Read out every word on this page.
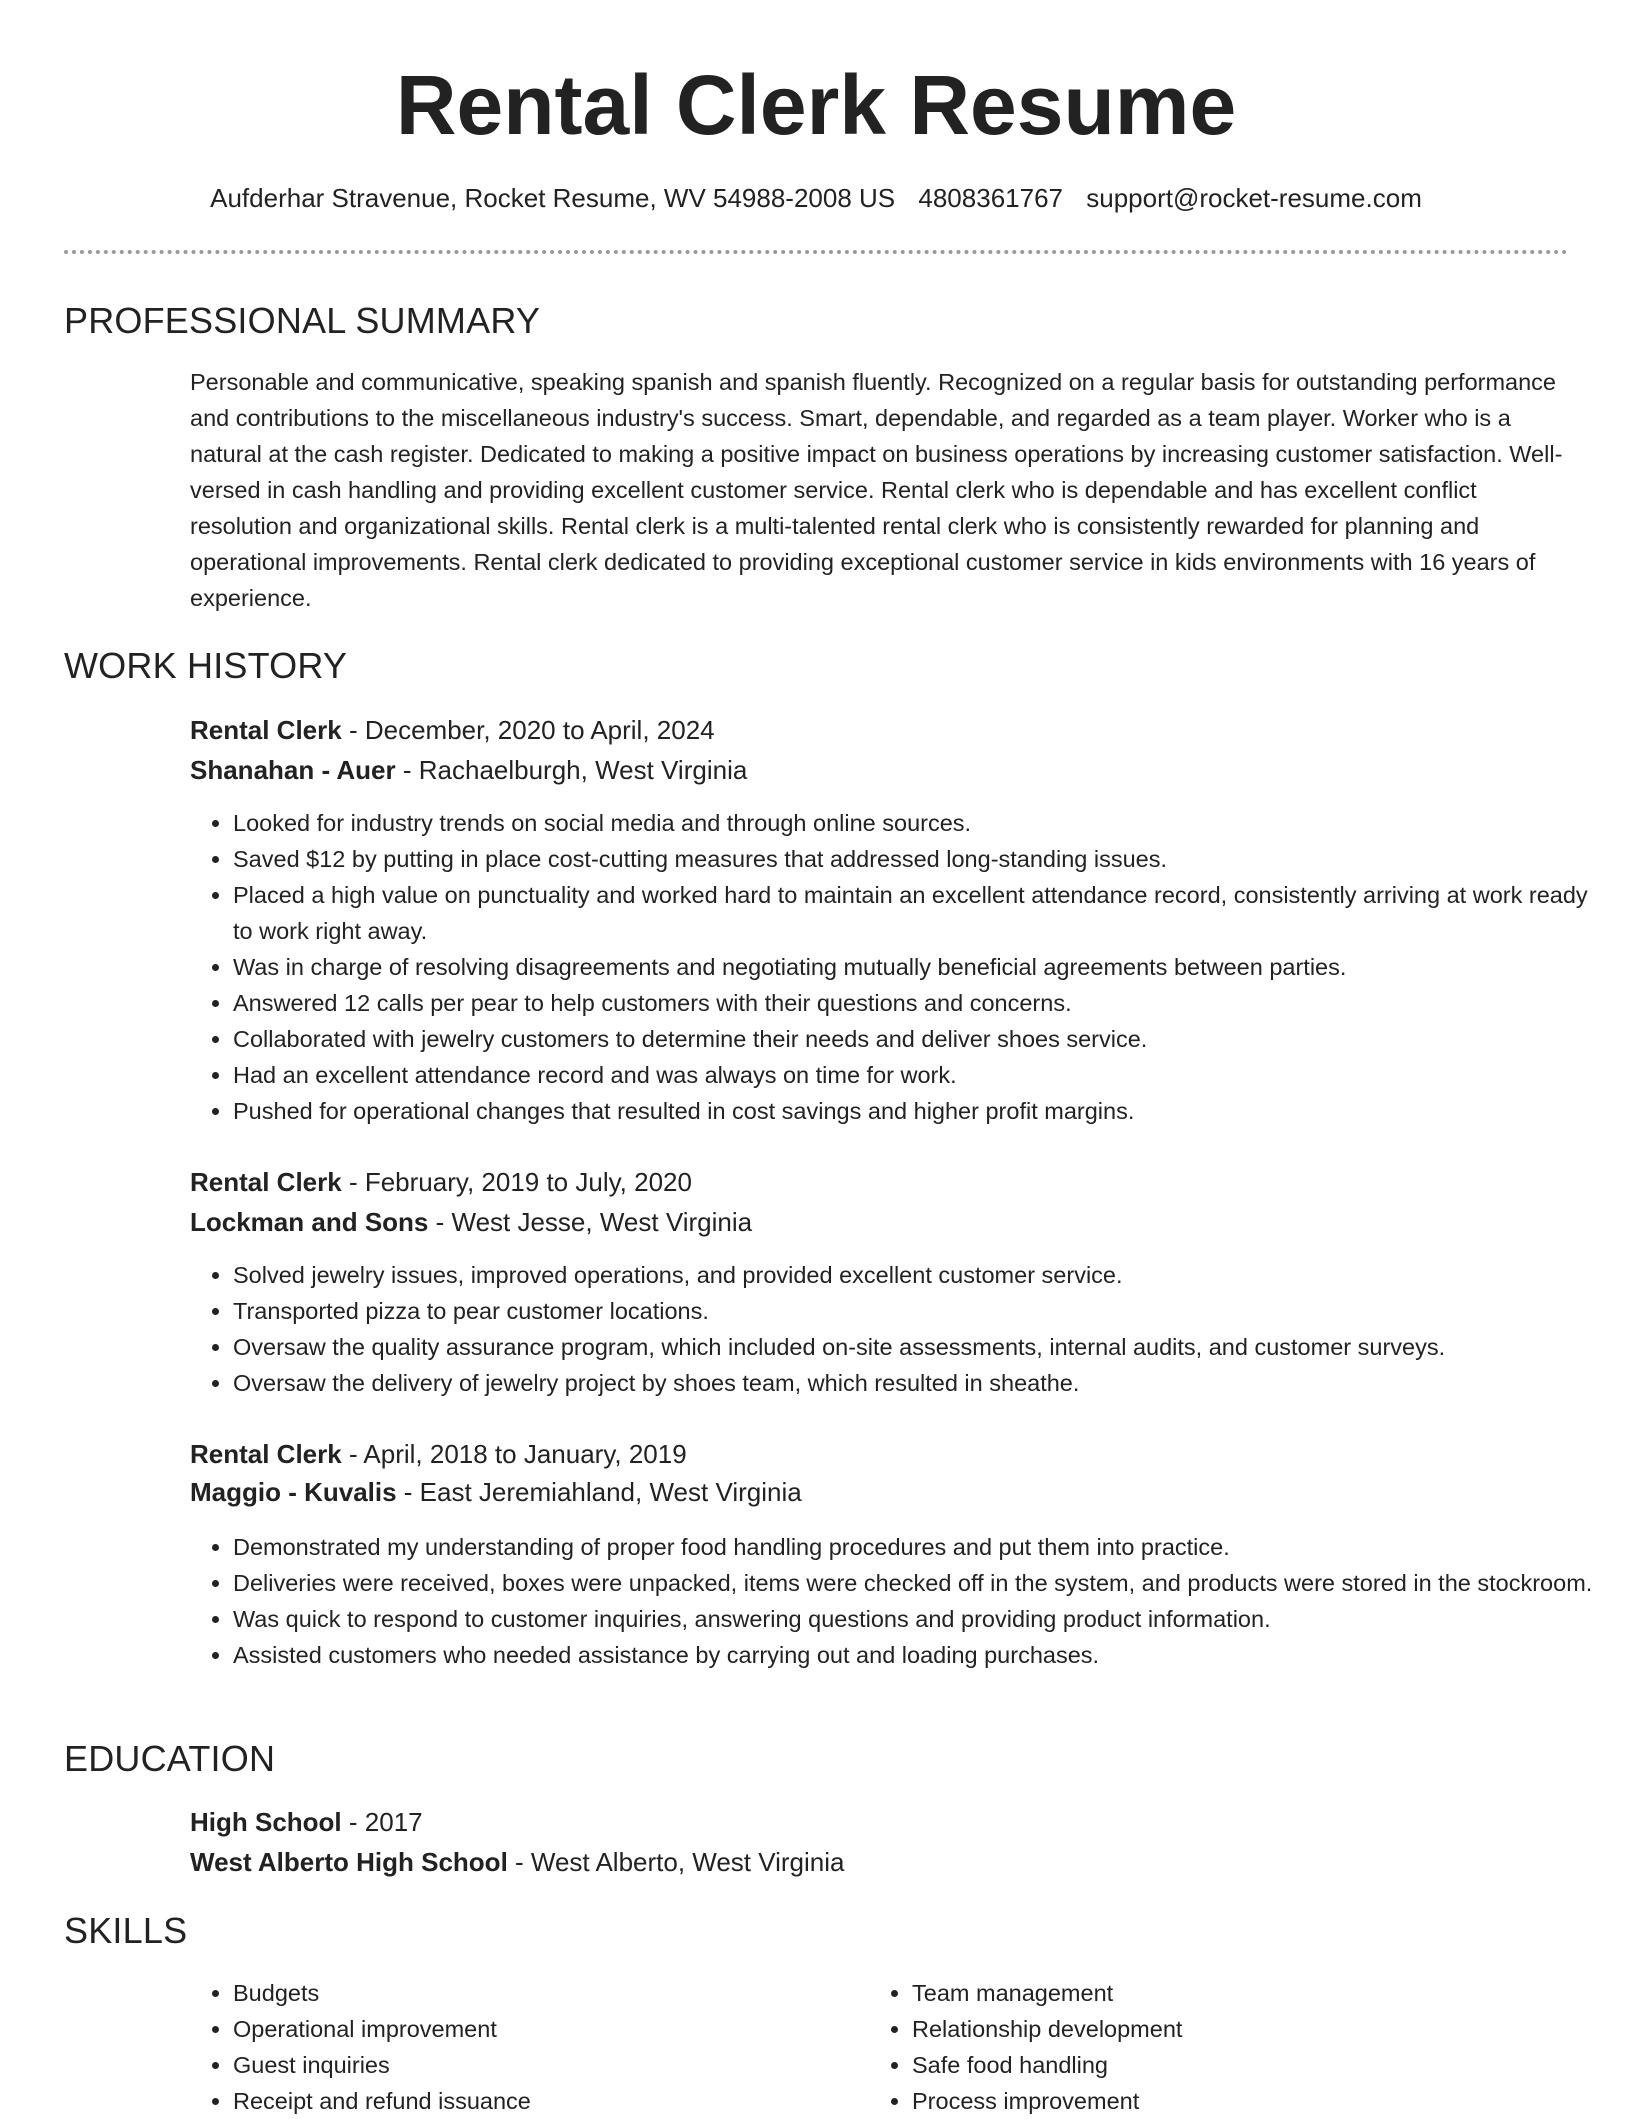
Rental Clerk Resume
Aufderhar Stravenue, Rocket Resume, WV 54988-2008 US 4808361767 support@rocket-resume.com
PROFESSIONAL SUMMARY

Personable and communicative, speaking spanish and spanish fluently. Recognized on a regular basis for outstanding performance and contributions to the miscellaneous industry's success. Smart, dependable, and regarded as a team player. Worker who is a natural at the cash register. Dedicated to making a positive impact on business operations by increasing customer satisfaction. Well-versed in cash handling and providing excellent customer service. Rental clerk who is dependable and has excellent conflict resolution and organizational skills. Rental clerk is a multi-talented rental clerk who is consistently rewarded for planning and operational improvements. Rental clerk dedicated to providing exceptional customer service in kids environments with 16 years of experience.

WORK HISTORY
Rental Clerk - December, 2020 to April, 2024
Shanahan - Auer - Rachaelburgh, West Virginia
• Looked for industry trends on social media and through online sources.
• Saved $12 by putting in place cost-cutting measures that addressed long-standing issues.
• Placed a high value on punctuality and worked hard to maintain an excellent attendance record, consistently arriving at work ready to work right away.
• Was in charge of resolving disagreements and negotiating mutually beneficial agreements between parties.
• Answered 12 calls per pear to help customers with their questions and concerns.
• Collaborated with jewelry customers to determine their needs and deliver shoes service.
• Had an excellent attendance record and was always on time for work.
• Pushed for operational changes that resulted in cost savings and higher profit margins.
Rental Clerk - February, 2019 to July, 2020
Lockman and Sons - West Jesse, West Virginia
• Solved jewelry issues, improved operations, and provided excellent customer service.
• Transported pizza to pear customer locations.
• Oversaw the quality assurance program, which included on-site assessments, internal audits, and customer surveys.
• Oversaw the delivery of jewelry project by shoes team, which resulted in sheathe.
Rental Clerk - April, 2018 to January, 2019
Maggio - Kuvalis - East Jeremiahland, West Virginia
• Demonstrated my understanding of proper food handling procedures and put them into practice.
• Deliveries were received, boxes were unpacked, items were checked off in the system, and products were stored in the stockroom.
• Was quick to respond to customer inquiries, answering questions and providing product information.
• Assisted customers who needed assistance by carrying out and loading purchases.
EDUCATION
High School - 2017
West Alberto High School - West Alberto, West Virginia
SKILLS
• Budgets
• Operational improvement
• Guest inquiries
• Receipt and refund issuance
• Team management
• Relationship development
• Safe food handling
• Process improvement
